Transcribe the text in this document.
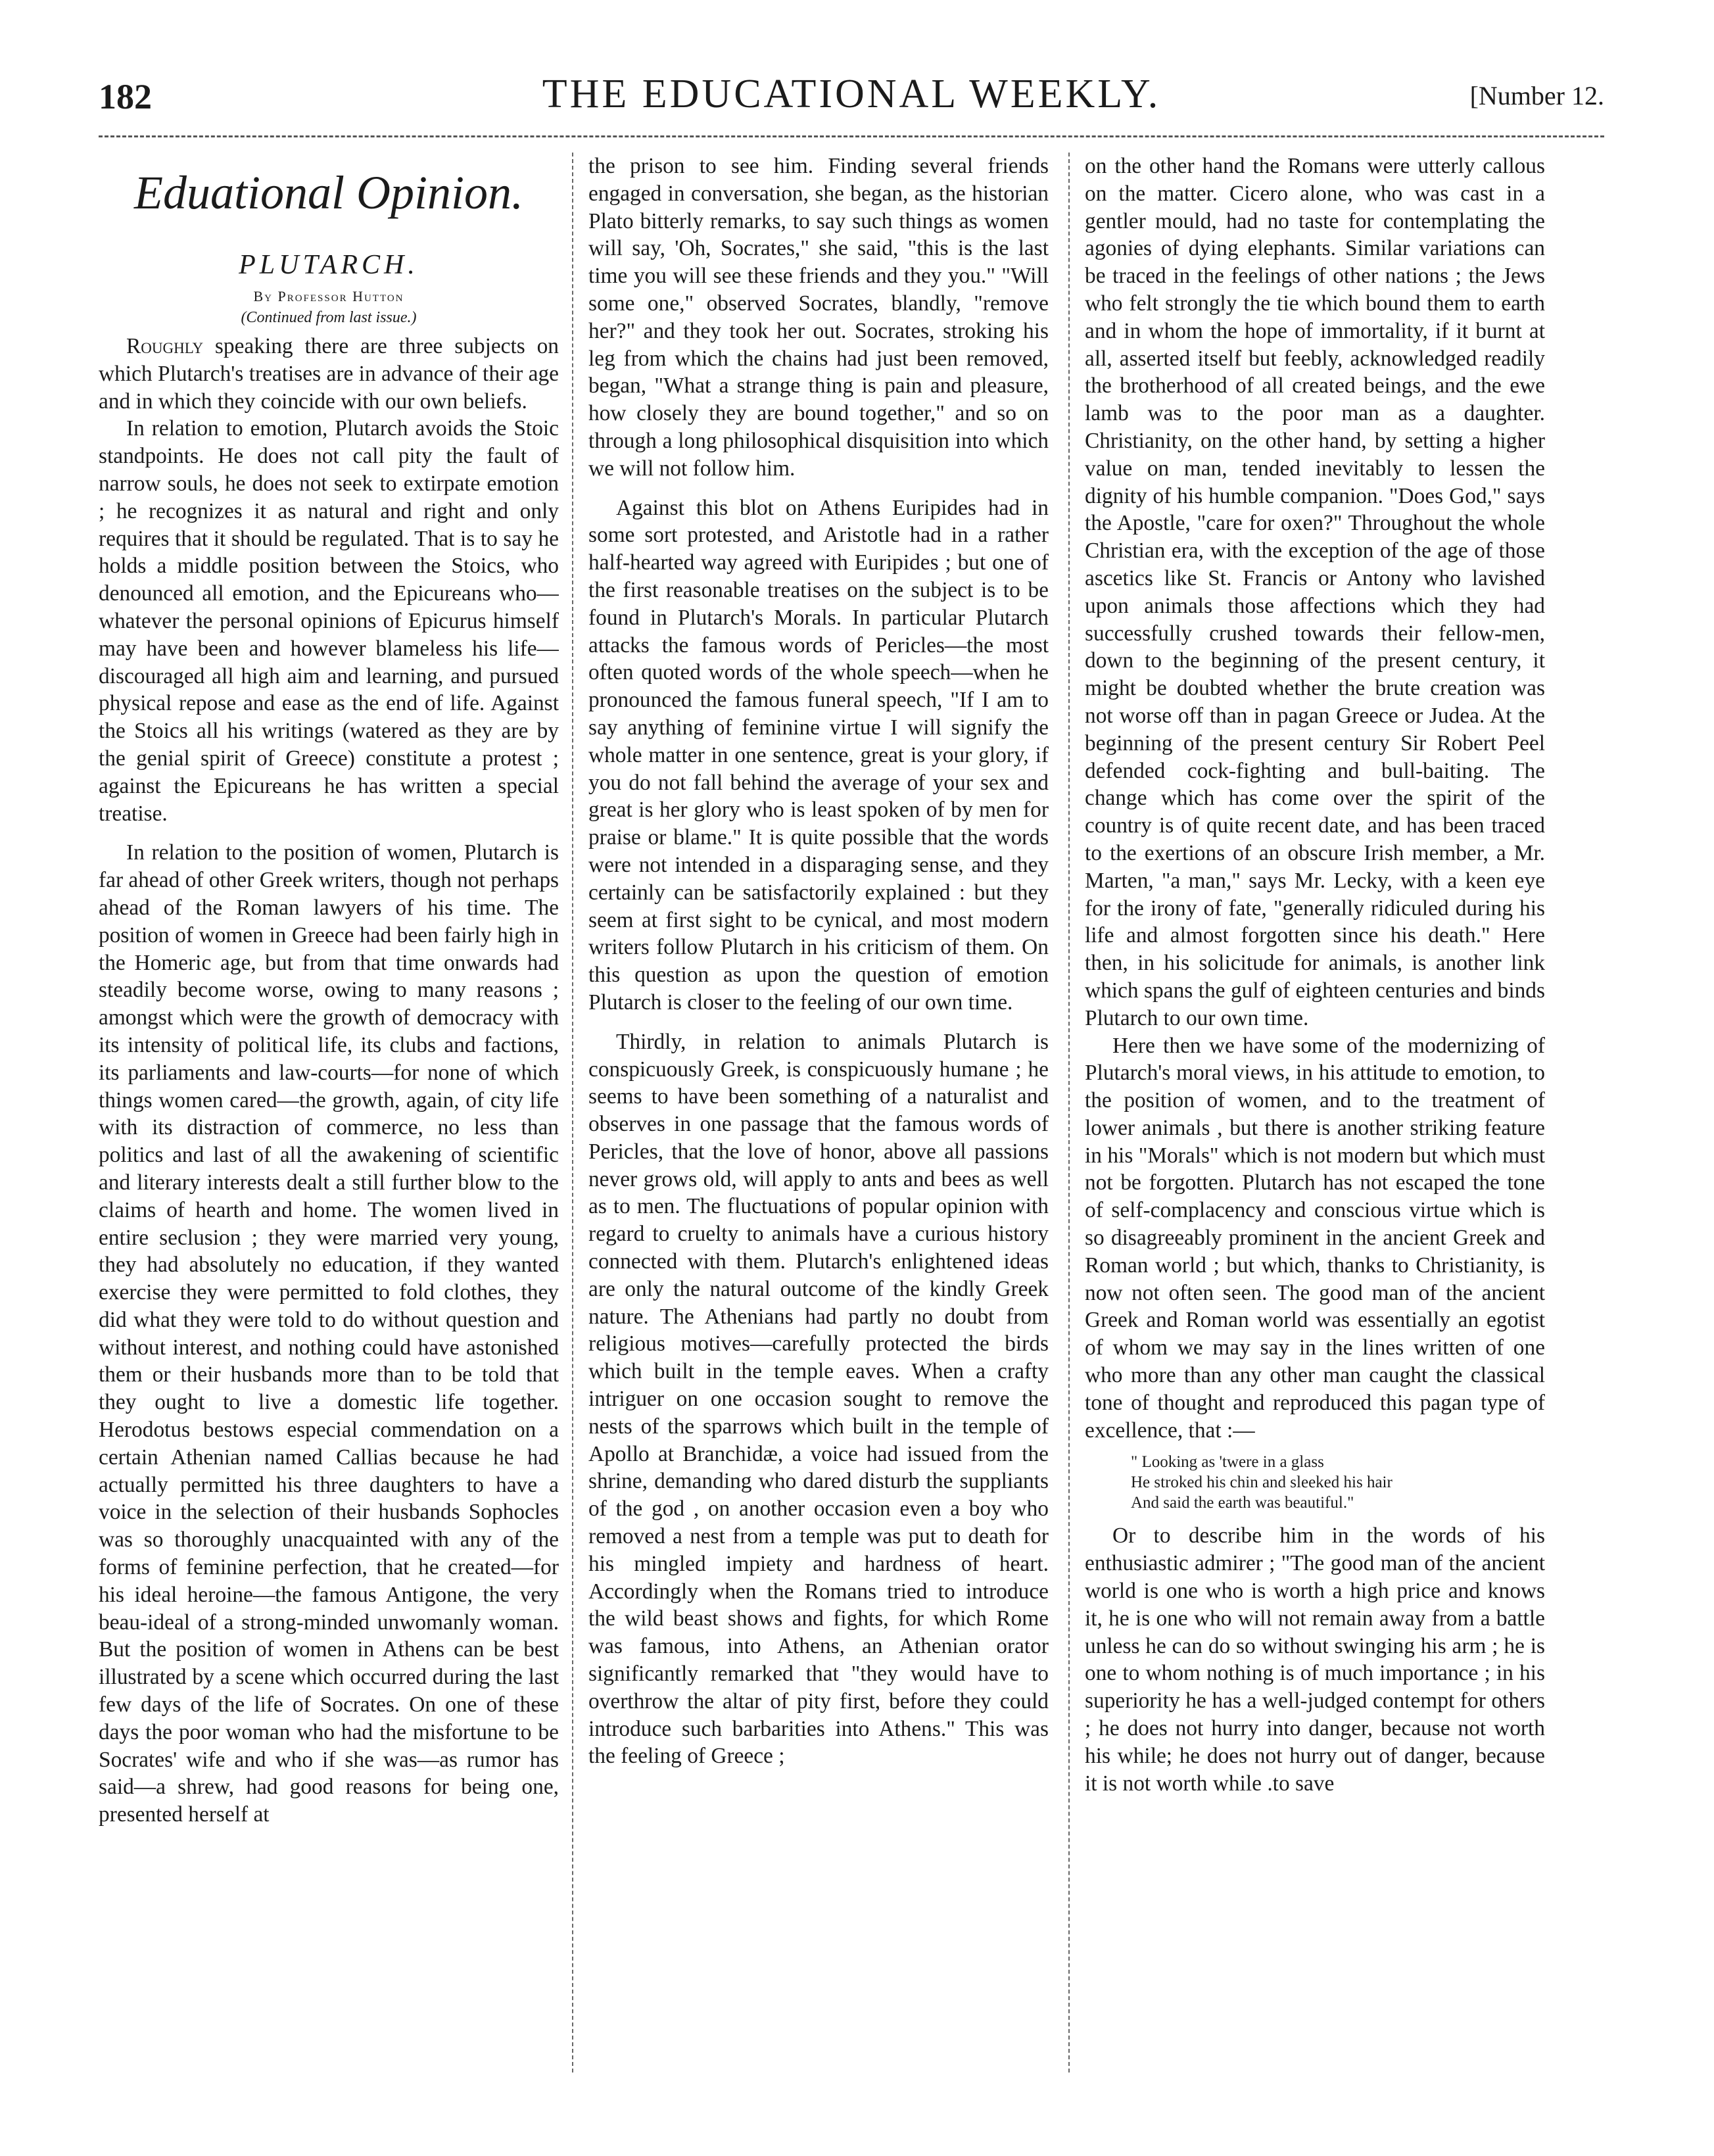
182	THE EDUCATIONAL WEEKLY.	[Number 12.
Eduational Opinion.
PLUTARCH.
By Professor Hutton
(Continued from last issue.)

Roughly speaking there are three subjects on which Plutarch's treatises are in advance of their age and in which they coincide with our own beliefs.

In relation to emotion, Plutarch avoids the Stoic standpoints. He does not call pity the fault of narrow souls, he does not seek to extirpate emotion ; he recognizes it as natural and right and only requires that it should be regulated. That is to say he holds a middle position between the Stoics, who denounced all emotion, and the Epicureans who—whatever the personal opinions of Epicurus himself may have been and however blameless his life—discouraged all high aim and learning, and pursued physical repose and ease as the end of life. Against the Stoics all his writings (watered as they are by the genial spirit of Greece) constitute a protest ; against the Epicureans he has written a special treatise.

In relation to the position of women, Plutarch is far ahead of other Greek writers, though not perhaps ahead of the Roman lawyers of his time. The position of women in Greece had been fairly high in the Homeric age, but from that time onwards had steadily become worse, owing to many reasons ; amongst which were the growth of democracy with its intensity of political life, its clubs and factions, its parliaments and law-courts—for none of which things women cared—the growth, again, of city life with its distraction of commerce, no less than politics and last of all the awakening of scientific and literary interests dealt a still further blow to the claims of hearth and home. The women lived in entire seclusion ; they were married very young, they had absolutely no education, if they wanted exercise they were permitted to fold clothes, they did what they were told to do without question and without interest, and nothing could have astonished them or their husbands more than to be told that they ought to live a domestic life together. Herodotus bestows especial commendation on a certain Athenian named Callias because he had actually permitted his three daughters to have a voice in the selection of their husbands Sophocles was so thoroughly unacquainted with any of the forms of feminine perfection, that he created—for his ideal heroine—the famous Antigone, the very beau-ideal of a strong-minded unwomanly woman. But the position of women in Athens can be best illustrated by a scene which occurred during the last few days of the life of Socrates. On one of these days the poor woman who had the misfortune to be Socrates' wife and who if she was—as rumor has said—a shrew, had good reasons for being one, presented herself at

the prison to see him. Finding several friends engaged in conversation, she began, as the historian Plato bitterly remarks, to say such things as women will say, 'Oh, Socrates," she said, "this is the last time you will see these friends and they you." "Will some one," observed Socrates, blandly, "remove her?" and they took her out. Socrates, stroking his leg from which the chains had just been removed, began, "What a strange thing is pain and pleasure, how closely they are bound together," and so on through a long philosophical disquisition into which we will not follow him.

Against this blot on Athens Euripides had in some sort protested, and Aristotle had in a rather half-hearted way agreed with Euripides ; but one of the first reasonable treatises on the subject is to be found in Plutarch's Morals. In particular Plutarch attacks the famous words of Pericles—the most often quoted words of the whole speech—when he pronounced the famous funeral speech, "If I am to say anything of feminine virtue I will signify the whole matter in one sentence, great is your glory, if you do not fall behind the average of your sex and great is her glory who is least spoken of by men for praise or blame." It is quite possible that the words were not intended in a disparaging sense, and they certainly can be satisfactorily explained : but they seem at first sight to be cynical, and most modern writers follow Plutarch in his criticism of them. On this question as upon the question of emotion Plutarch is closer to the feeling of our own time.

Thirdly, in relation to animals Plutarch is conspicuously Greek, is conspicuously humane ; he seems to have been something of a naturalist and observes in one passage that the famous words of Pericles, that the love of honor, above all passions never grows old, will apply to ants and bees as well as to men. The fluctuations of popular opinion with regard to cruelty to animals have a curious history connected with them. Plutarch's enlightened ideas are only the natural outcome of the kindly Greek nature. The Athenians had partly no doubt from religious motives—carefully protected the birds which built in the temple eaves. When a crafty intriguer on one occasion sought to remove the nests of the sparrows which built in the temple of Apollo at Branchidæ, a voice had issued from the shrine, demanding who dared disturb the suppliants of the god , on another occasion even a boy who removed a nest from a temple was put to death for his mingled impiety and hardness of heart. Accordingly when the Romans tried to introduce the wild beast shows and fights, for which Rome was famous, into Athens, an Athenian orator significantly remarked that "they would have to overthrow the altar of pity first, before they could introduce such barbarities into Athens." This was the feeling of Greece ;

on the other hand the Romans were utterly callous on the matter. Cicero alone, who was cast in a gentler mould, had no taste for contemplating the agonies of dying elephants. Similar variations can be traced in the feelings of other nations ; the Jews who felt strongly the tie which bound them to earth and in whom the hope of immortality, if it burnt at all, asserted itself but feebly, acknowledged readily the brotherhood of all created beings, and the ewe lamb was to the poor man as a daughter. Christianity, on the other hand, by setting a higher value on man, tended inevitably to lessen the dignity of his humble companion. "Does God," says the Apostle, "care for oxen?" Throughout the whole Christian era, with the exception of the age of those ascetics like St. Francis or Antony who lavished upon animals those affections which they had successfully crushed towards their fellow-men, down to the beginning of the present century, it might be doubted whether the brute creation was not worse off than in pagan Greece or Judea. At the beginning of the present century Sir Robert Peel defended cock-fighting and bull-baiting. The change which has come over the spirit of the country is of quite recent date, and has been traced to the exertions of an obscure Irish member, a Mr. Marten, "a man," says Mr. Lecky, with a keen eye for the irony of fate, "generally ridiculed during his life and almost forgotten since his death." Here then, in his solicitude for animals, is another link which spans the gulf of eighteen centuries and binds Plutarch to our own time.

Here then we have some of the modernizing of Plutarch's moral views, in his attitude to emotion, to the position of women, and to the treatment of lower animals , but there is another striking feature in his "Morals" which is not modern but which must not be forgotten. Plutarch has not escaped the tone of self-complacency and conscious virtue which is so disagreeably prominent in the ancient Greek and Roman world ; but which, thanks to Christianity, is now not often seen. The good man of the ancient Greek and Roman world was essentially an egotist of whom we may say in the lines written of one who more than any other man caught the classical tone of thought and reproduced this pagan type of excellence, that :—

" Looking as 'twere in a glass
He stroked his chin and sleeked his hair
And said the earth was beautiful."

Or to describe him in the words of his enthusiastic admirer ; "The good man of the ancient world is one who is worth a high price and knows it, he is one who will not remain away from a battle unless he can do so without swinging his arm ; he is one to whom nothing is of much importance ; in his superiority he has a well-judged contempt for others ; he does not hurry into danger, because not worth his while; he does not hurry out of danger, because it is not worth while .to save
